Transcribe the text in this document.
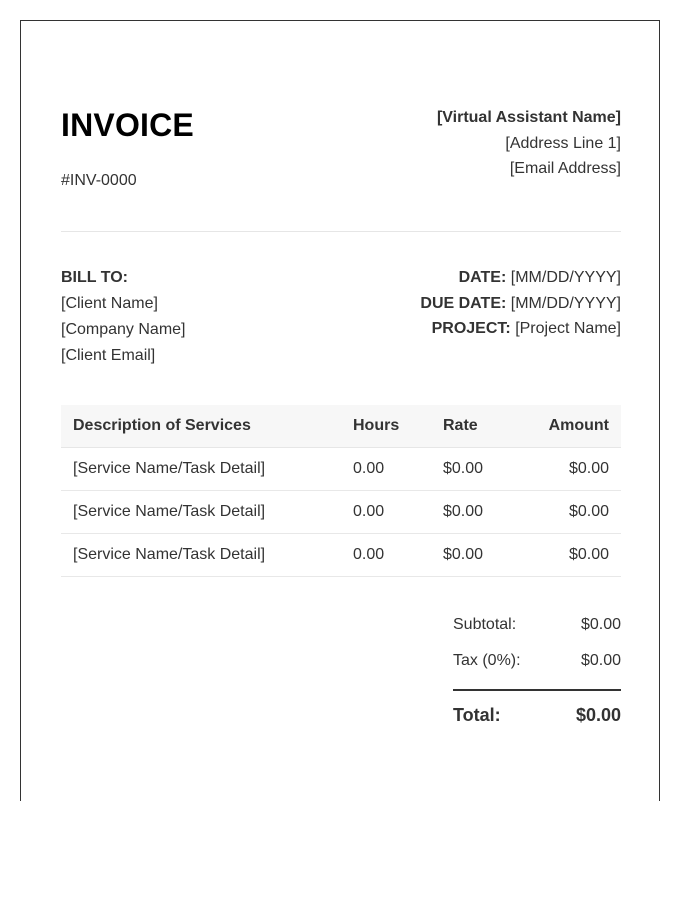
INVOICE
#INV-0000
[Virtual Assistant Name]
[Address Line 1]
[Email Address]
BILL TO:
[Client Name]
[Company Name]
[Client Email]
DATE: [MM/DD/YYYY]
DUE DATE: [MM/DD/YYYY]
PROJECT: [Project Name]
Description of Services	Hours	Rate	Amount
[Service Name/Task Detail]	0.00	$0.00	$0.00
[Service Name/Task Detail]	0.00	$0.00	$0.00
[Service Name/Task Detail]	0.00	$0.00	$0.00
Subtotal:	$0.00
Tax (0%):	$0.00
Total:	$0.00
